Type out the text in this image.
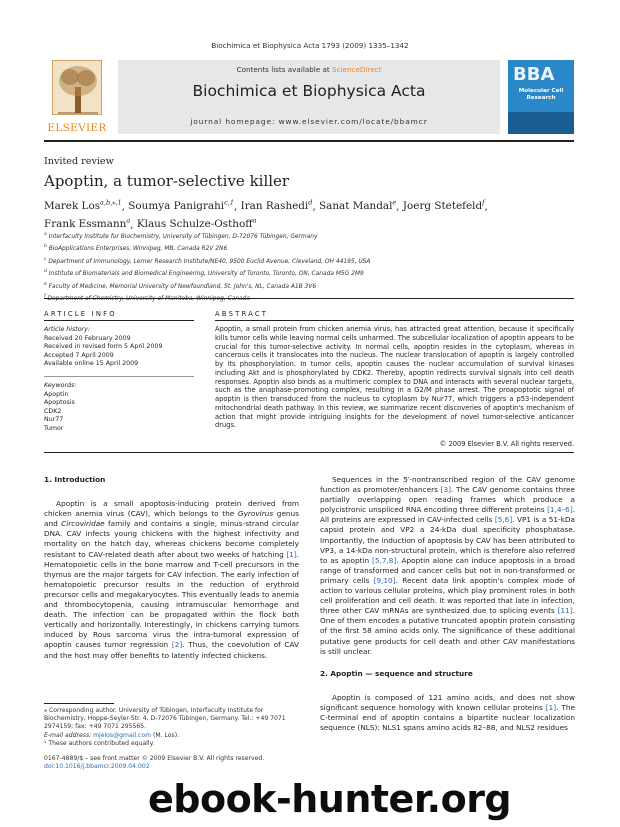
Biochimica et Biophysica Acta 1793 (2009) 1335–1342
ELSEVIER
Contents lists available at ScienceDirect
Biochimica et Biophysica Acta
journal homepage: www.elsevier.com/locate/bbamcr
BBA
Molecular Cell Research
Invited review
Apoptin, a tumor-selective killer
Marek Los$^{a,b,⁎,1}$, Soumya Panigrahi$^{c,1}$, Iran Rashedi$^d$, Sanat Mandal$^e$, Joerg Stetefeld$^f$,
Frank Essmann$^a$, Klaus Schulze-Osthoff$^a$
$^a$ Interfaculty Institute for Biochemistry, University of Tübingen, D-72076 Tübingen, Germany
$^b$ BioApplications Enterprises, Winnipeg, MB, Canada R2V 2N6
$^c$ Department of Immunology, Lerner Research Institute/NE40, 9500 Euclid Avenue, Cleveland, OH 44195, USA
$^d$ Institute of Biomaterials and Biomedical Engineering, University of Toronto, Toronto, ON, Canada M5G 2M9
$^e$ Faculty of Medicine, Memorial University of Newfoundland, St. John's, NL, Canada A1B 3V6
$^f$
ARTICLE INFO
Article history:
Received 20 February 2009
Received in revised form 5 April 2009
Accepted 7 April 2009
Available online 15 April 2009
Keywords:
Apoptin
Apoptosis
CDK2
Nur77
Tumor
ABSTRACT
Apoptin, a small protein from chicken anemia virus, has attracted great attention, because it specifically kills tumor cells while leaving normal cells unharmed. The subcellular localization of apoptin appears to be crucial for this tumor-selective activity. In normal cells, apoptin resides in the cytoplasm, whereas in cancerous cells it translocates into the nucleus. The nuclear translocation of apoptin is largely controlled by its phosphorylation. In tumor cells, apoptin causes the nuclear accumulation of survival kinases including Akt and is phosphorylated by CDK2. Thereby, apoptin redirects survival signals into cell death responses. Apoptin also binds as a multimeric complex to DNA and interacts with several nuclear targets, such as the anaphase-promoting complex, resulting in a G2/M phase arrest. The proapoptotic signal of apoptin is then transduced from the nucleus to cytoplasm by Nur77, which triggers a p53-independent mitochondrial death pathway. In this review, we summarize recent discoveries of apoptin's mechanism of action that might provide intriguing insights for the development of novel tumor-selective anticancer drugs.
© 2009 Elsevier B.V. All rights reserved.
1. Introduction

Apoptin is a small apoptosis-inducing protein derived from chicken anemia virus (CAV), which belongs to the Gyrovirus genus and Circoviridae family and contains a single, minus-strand circular DNA. CAV infects young chickens with the highest infectivity and mortality on the hatch day, whereas chickens become completely resistant to CAV-related death after about two weeks of hatching [1]. Hematopoietic cells in the bone marrow and T-cell precursors in the thymus are the major targets for CAV infection. The early infection of hematopoietic precursor results in the reduction of erythroid precursor cells and megakaryocytes. This eventually leads to anemia and thrombocytopenia, causing intramuscular hemorrhage and death. The infection can be propagated within the flock both vertically and horizontally. Interestingly, in chickens carrying tumors induced by Rous sarcoma virus the intra-tumoral expression of apoptin causes tumor regression [2]. Thus, the coevolution of CAV and the host may offer benefits to latently infected chickens.

Sequences in the 5′-nontranscribed region of the CAV genome function as promoter/enhancers [3]. The CAV genome contains three partially overlapping open reading frames which produce a polycistronic unspliced RNA encoding three different proteins [1,4–6]. All proteins are expressed in CAV-infected cells [5,6]. VP1 is a 51-kDa capsid protein and VP2 a 24-kDa dual specificity phosphatase. Importantly, the induction of apoptosis by CAV has been attributed to VP3, a 14-kDa non-structural protein, which is therefore also referred to as apoptin [5,7,8]. Apoptin alone can induce apoptosis in a broad range of transformed and cancer cells but not in non-transformed or primary cells [9,10]. Recent data link apoptin's complex mode of action to various cellular proteins, which play prominent roles in both cell proliferation and cell death. It was reported that late in infection, three other CAV mRNAs are synthesized due to splicing events [11]. One of them encodes a putative truncated apoptin protein consisting of the first 58 amino acids only. The significance of these additional putative gene products for cell death and other CAV manifestations is still unclear.

2. Apoptin — sequence and structure

Apoptin is composed of 121 amino acids, and does not show significant sequence homology with known cellular proteins [1]. The C-terminal end of apoptin contains a bipartite nuclear localization sequence (NLS): NLS1 spans amino acids 82–88, and NLS2 residues

⁎ Corresponding author. University of Tübingen, Interfaculty Institute for Biochemistry, Hoppe-Seyler-Str. 4, D-72076 Tübingen, Germany. Tel.: +49 7071 2974159; fax: +49 7071 295565.
E-mail address: mjelos@gmail.com (M. Los).
¹ These authors contributed equally.
0167-4889/$ – see front matter © 2009 Elsevier B.V. All rights reserved.
doi:10.1016/j.bbamcr.2009.04.002
ebook-hunter.org
